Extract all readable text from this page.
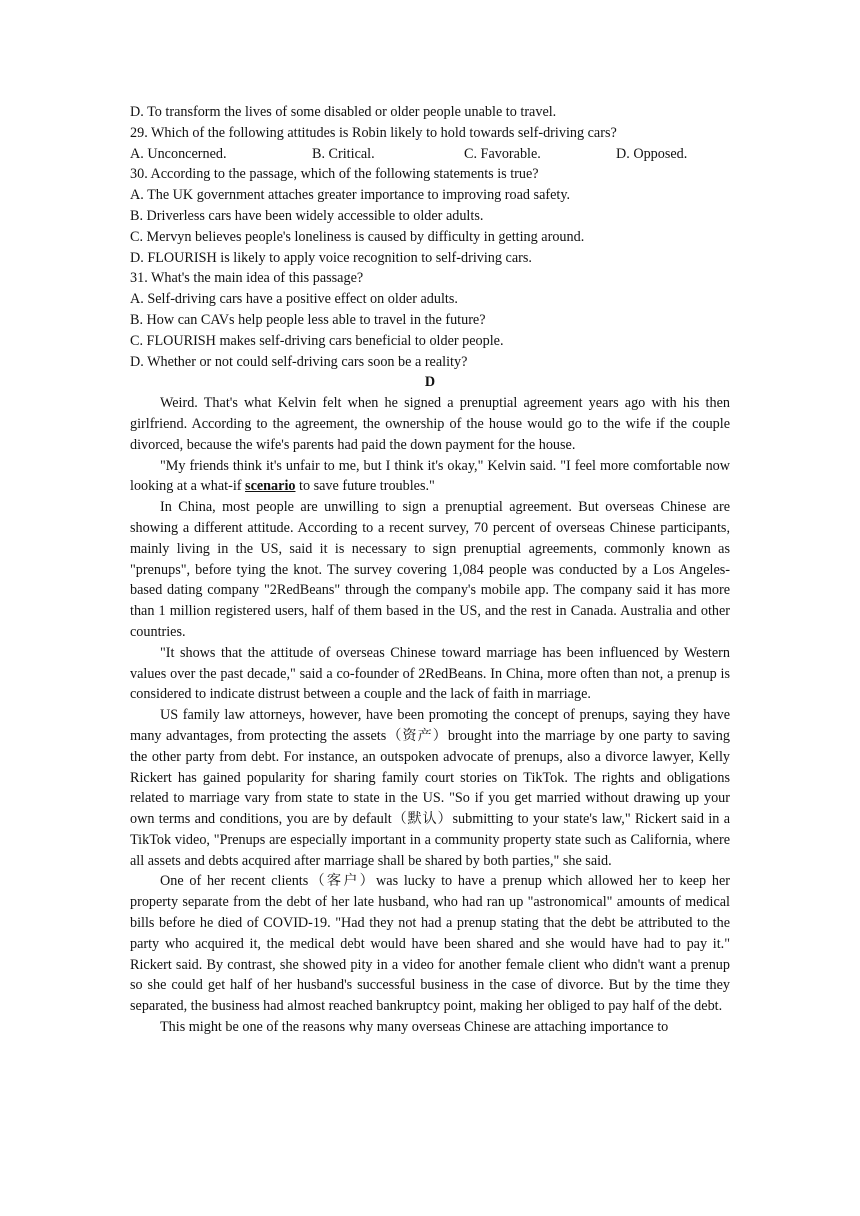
D. To transform the lives of some disabled or older people unable to travel.
29. Which of the following attitudes is Robin likely to hold towards self-driving cars?
A. Unconcerned.	B. Critical.	C. Favorable.	D. Opposed.
30. According to the passage, which of the following statements is true?
A. The UK government attaches greater importance to improving road safety.
B. Driverless cars have been widely accessible to older adults.
C. Mervyn believes people's loneliness is caused by difficulty in getting around.
D. FLOURISH is likely to apply voice recognition to self-driving cars.
31. What's the main idea of this passage?
A. Self-driving cars have a positive effect on older adults.
B. How can CAVs help people less able to travel in the future?
C. FLOURISH makes self-driving cars beneficial to older people.
D. Whether or not could self-driving cars soon be a reality?
D

Weird. That's what Kelvin felt when he signed a prenuptial agreement years ago with his then girlfriend. According to the agreement, the ownership of the house would go to the wife if the couple divorced, because the wife's parents had paid the down payment for the house.

"My friends think it's unfair to me, but I think it's okay," Kelvin said. "I feel more comfortable now looking at a what-if scenario to save future troubles."

In China, most people are unwilling to sign a prenuptial agreement. But overseas Chinese are showing a different attitude. According to a recent survey, 70 percent of overseas Chinese participants, mainly living in the US, said it is necessary to sign prenuptial agreements, commonly known as "prenups", before tying the knot. The survey covering 1,084 people was conducted by a Los Angeles-based dating company "2RedBeans" through the company's mobile app. The company said it has more than 1 million registered users, half of them based in the US, and the rest in Canada. Australia and other countries.

"It shows that the attitude of overseas Chinese toward marriage has been influenced by Western values over the past decade," said a co-founder of 2RedBeans. In China, more often than not, a prenup is considered to indicate distrust between a couple and the lack of faith in marriage.

US family law attorneys, however, have been promoting the concept of prenups, saying they have many advantages, from protecting the assets（资产）brought into the marriage by one party to saving the other party from debt. For instance, an outspoken advocate of prenups, also a divorce lawyer, Kelly Rickert has gained popularity for sharing family court stories on TikTok. The rights and obligations related to marriage vary from state to state in the US. "So if you get married without drawing up your own terms and conditions, you are by default（默认）submitting to your state's law," Rickert said in a TikTok video, "Prenups are especially important in a community property state such as California, where all assets and debts acquired after marriage shall be shared by both parties," she said.

One of her recent clients（客户）was lucky to have a prenup which allowed her to keep her property separate from the debt of her late husband, who had ran up "astronomical" amounts of medical bills before he died of COVID-19. "Had they not had a prenup stating that the debt be attributed to the party who acquired it, the medical debt would have been shared and she would have had to pay it." Rickert said. By contrast, she showed pity in a video for another female client who didn't want a prenup so she could get half of her husband's successful business in the case of divorce. But by the time they separated, the business had almost reached bankruptcy point, making her obliged to pay half of the debt.

This might be one of the reasons why many overseas Chinese are attaching importance to
